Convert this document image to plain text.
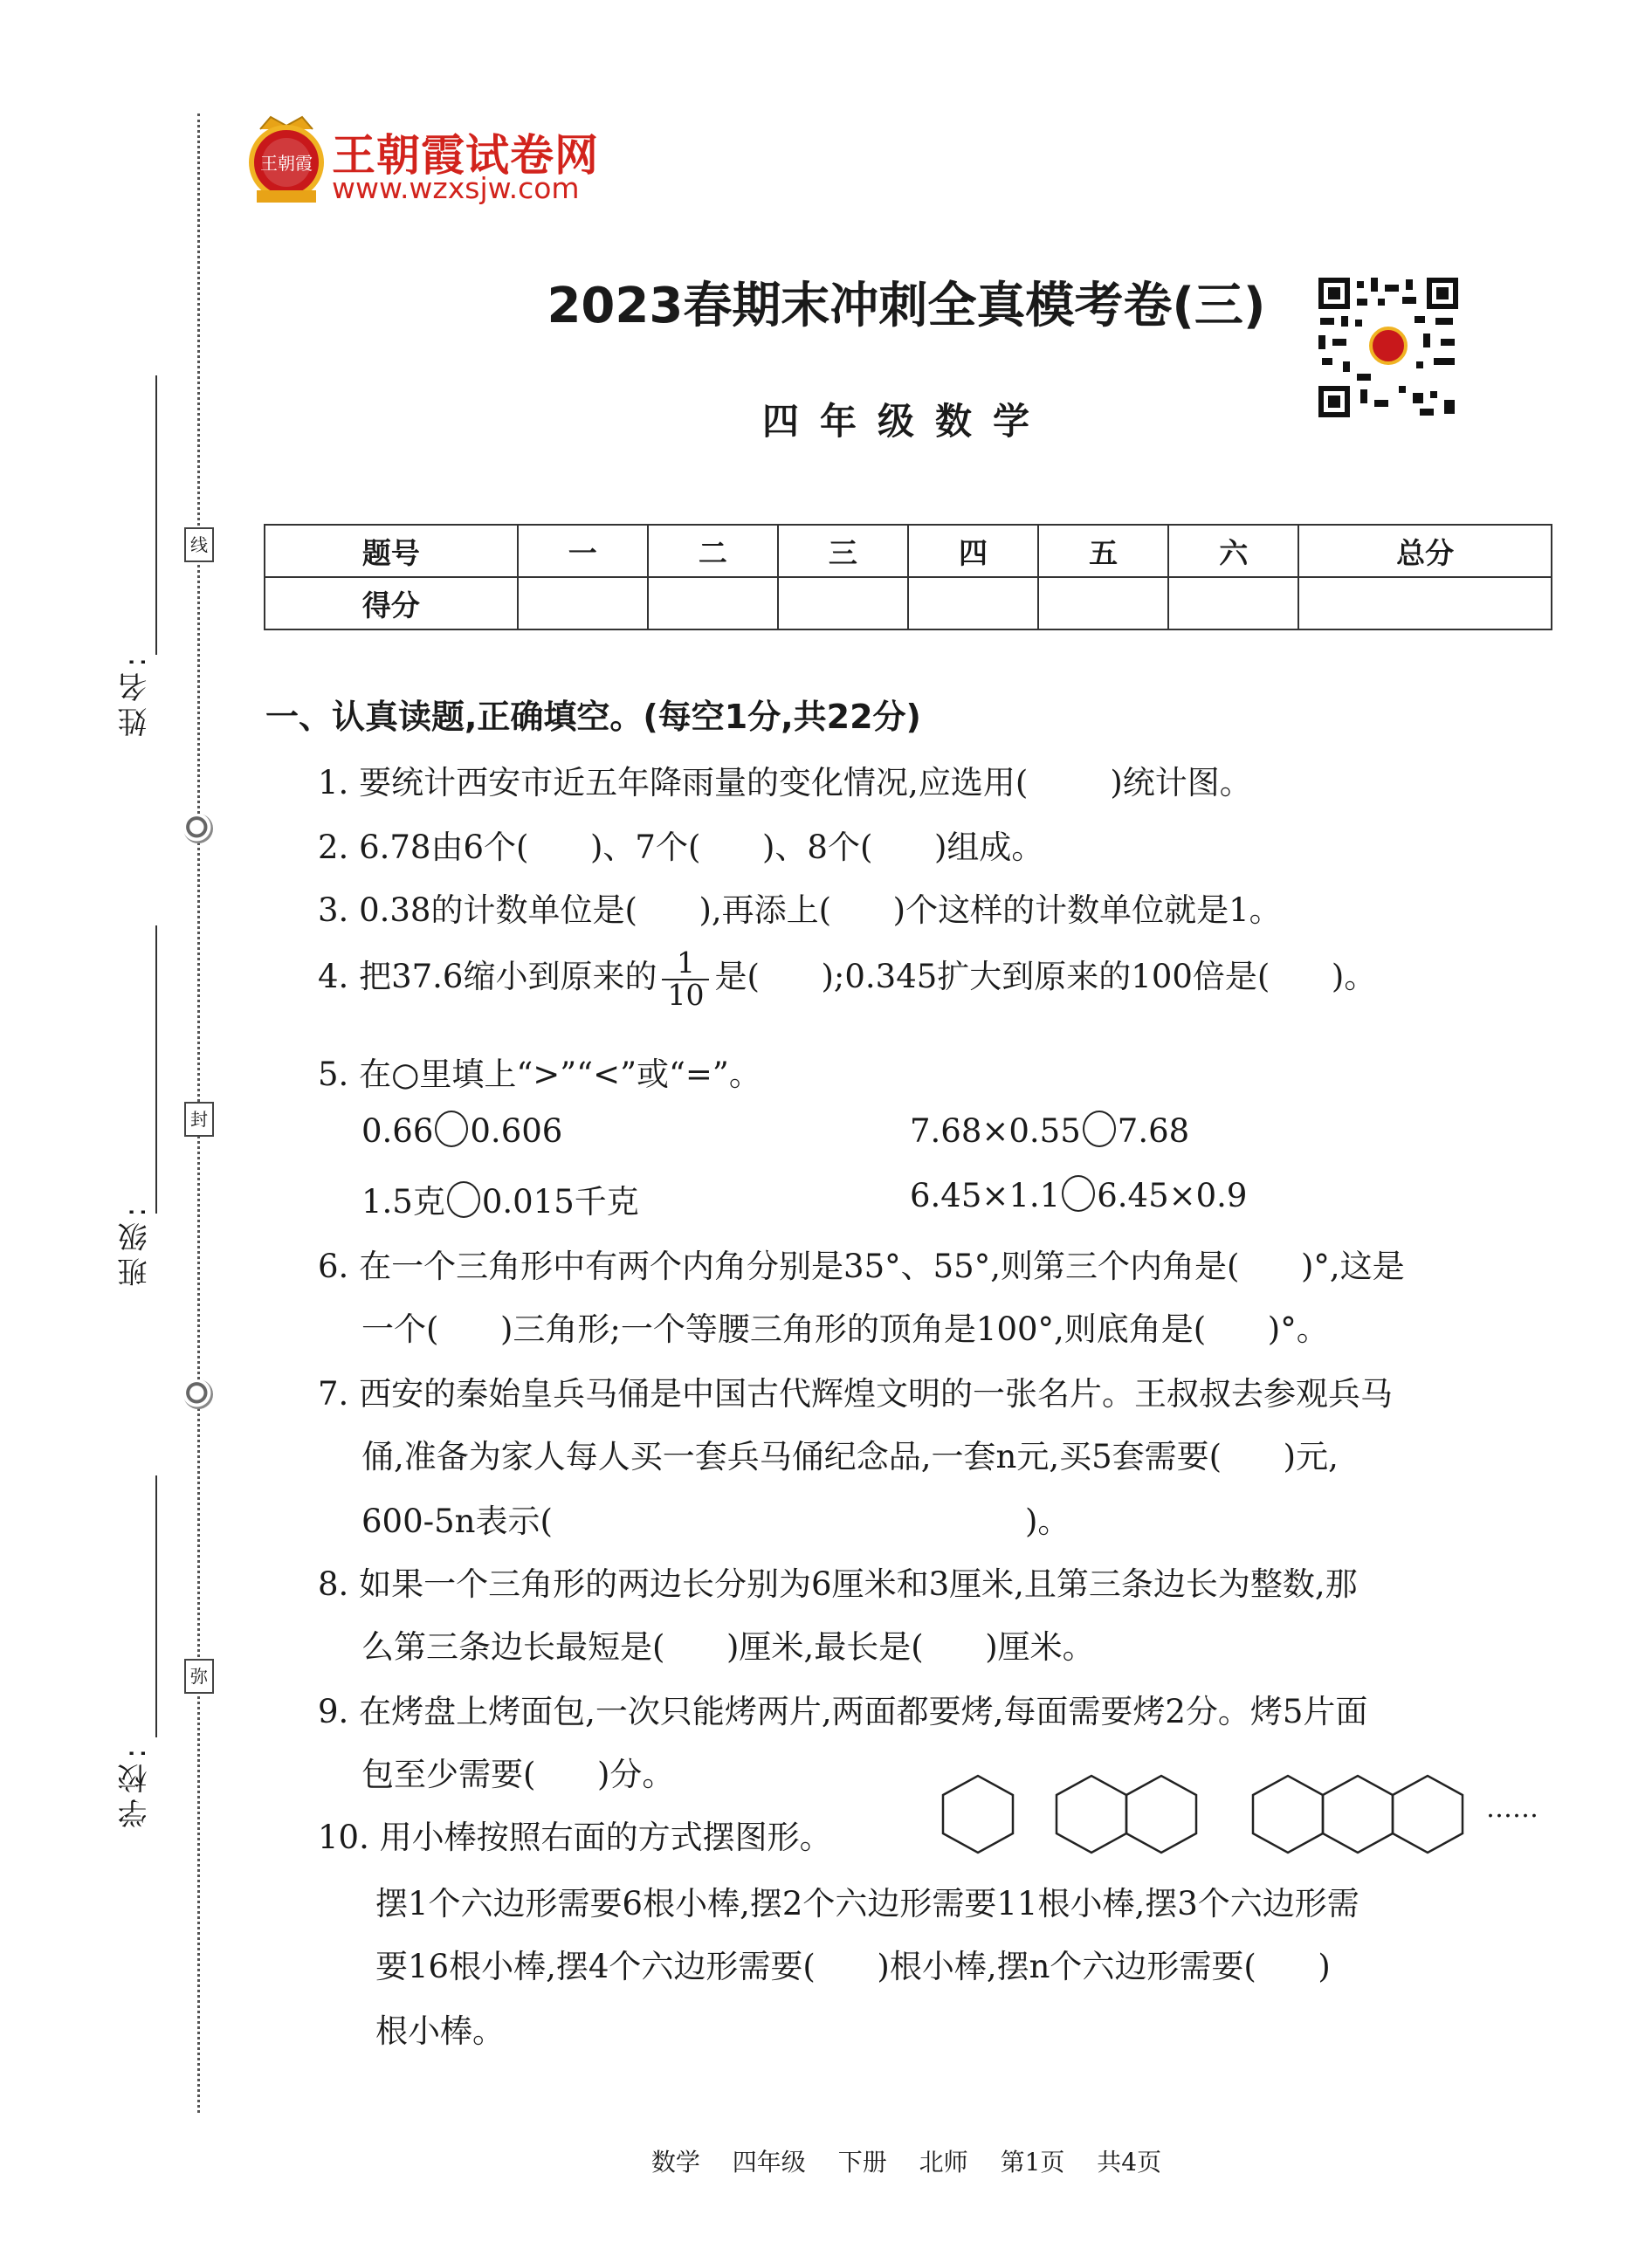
姓名:
班级:
学校:
线
封
弥
王朝霞 王朝霞试卷网
www.wzxsjw.com
2023春期末冲刺全真模考卷(三)
四年级数学
题号	一	二	三	四	五	六	总分
得分							
一、认真读题,正确填空。(每空1分,共22分)
1. 要统计西安市近五年降雨量的变化情况,应选用(        )统计图。
2. 6.78由6个(      )、7个(      )、8个(      )组成。
3. 0.38的计数单位是(      ),再添上(      )个这样的计数单位就是1。
4. 把37.6缩小到原来的 $\frac{1}{10}$ 是(      );0.345扩大到原来的100倍是(      )。
5. 在○里填上“>”“<”或“=”。
0.66 0.606	7.68×0.55 7.68
1.5克 0.015千克	6.45×1.1 6.45×0.9
6. 在一个三角形中有两个内角分别是35°、55°,则第三个内角是(      )°,这是
一个(      )三角形;一个等腰三角形的顶角是100°,则底角是(      )°。
7. 西安的秦始皇兵马俑是中国古代辉煌文明的一张名片。王叔叔去参观兵马
俑,准备为家人每人买一套兵马俑纪念品,一套n元,买5套需要(      )元,
600-5n表示(                                              )。
8. 如果一个三角形的两边长分别为6厘米和3厘米,且第三条边长为整数,那
么第三条边长最短是(      )厘米,最长是(      )厘米。
9. 在烤盘上烤面包,一次只能烤两片,两面都要烤,每面需要烤2分。烤5片面
包至少需要(      )分。
10. 用小棒按照右面的方式摆图形。
……
摆1个六边形需要6根小棒,摆2个六边形需要11根小棒,摆3个六边形需
要16根小棒,摆4个六边形需要(      )根小棒,摆n个六边形需要(      )
根小棒。
数学 四年级 下册 北师 第1页 共4页
